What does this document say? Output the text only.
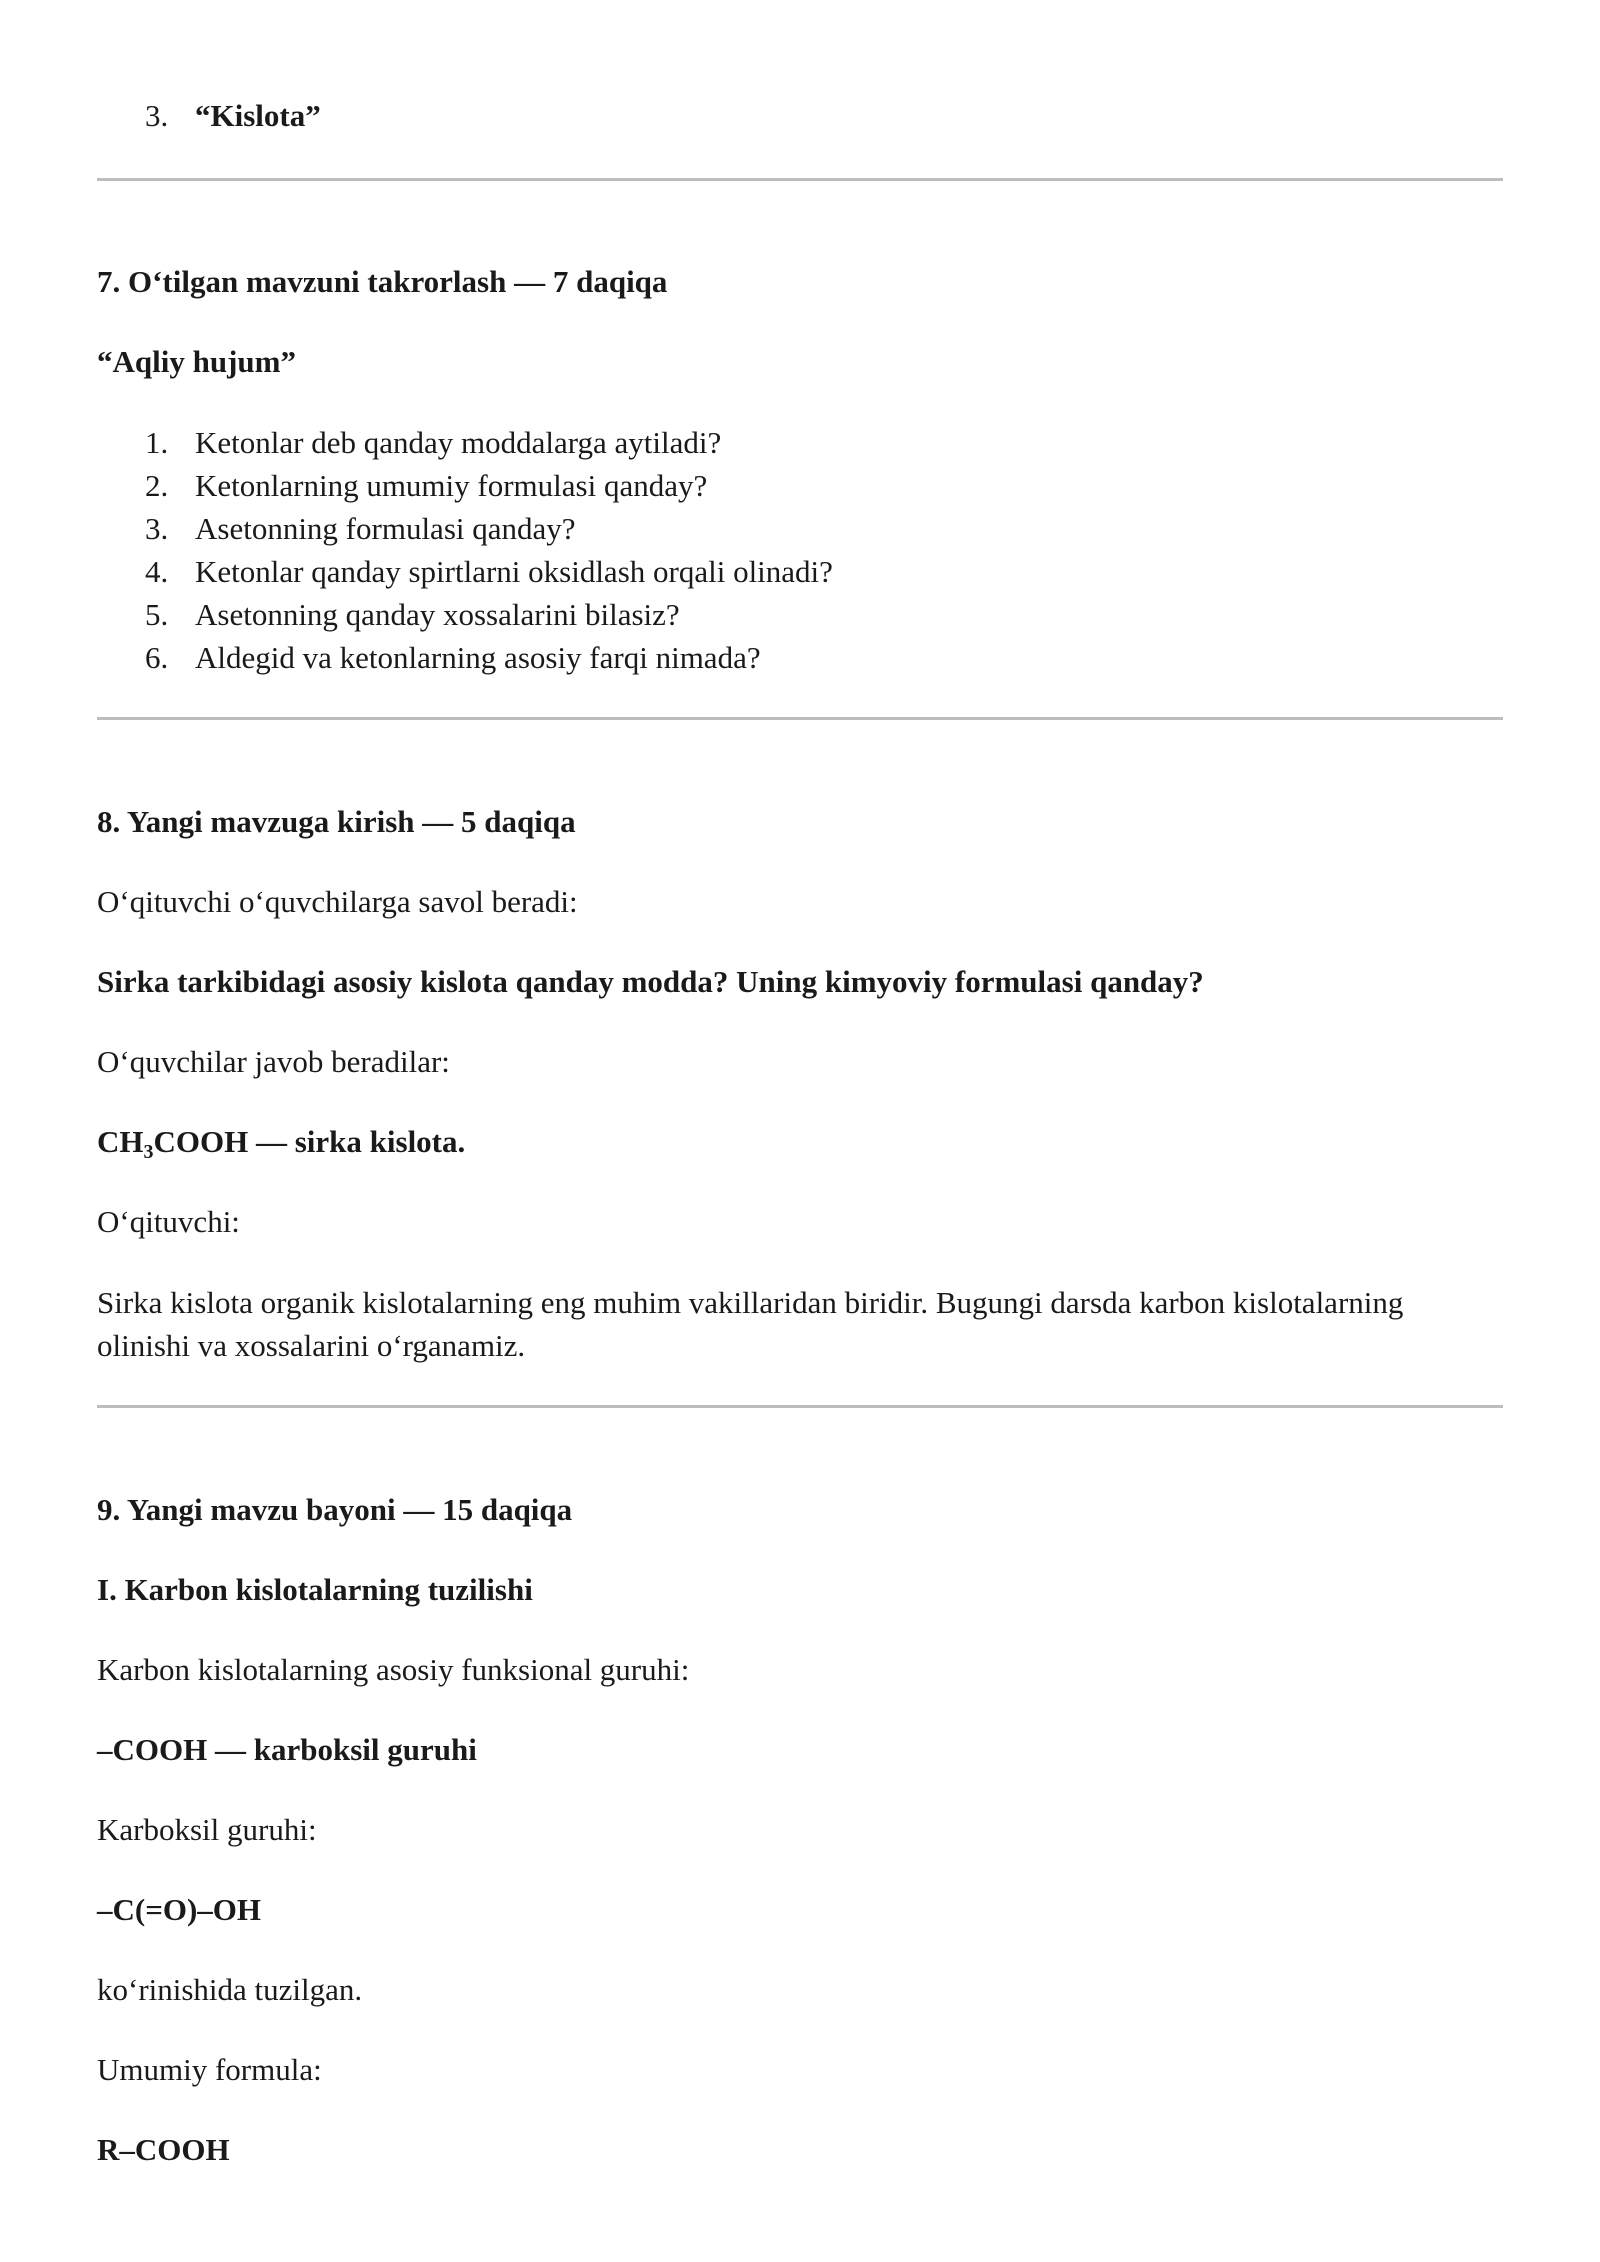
3. “Kislota”

7. O‘tilgan mavzuni takrorlash — 7 daqiqa

“Aqliy hujum”

1. Ketonlar deb qanday moddalarga aytiladi?
2. Ketonlarning umumiy formulasi qanday?
3. Asetonning formulasi qanday?
4. Ketonlar qanday spirtlarni oksidlash orqali olinadi?
5. Asetonning qanday xossalarini bilasiz?
6. Aldegid va ketonlarning asosiy farqi nimada?

8. Yangi mavzuga kirish — 5 daqiqa

O‘qituvchi o‘quvchilarga savol beradi:

Sirka tarkibidagi asosiy kislota qanday modda? Uning kimyoviy formulasi qanday?

O‘quvchilar javob beradilar:

$CH_3COOH$ — sirka kislota.

O‘qituvchi:

Sirka kislota organik kislotalarning eng muhim vakillaridan biridir. Bugungi darsda karbon kislotalarning olinishi va xossalarini o‘rganamiz.

9. Yangi mavzu bayoni — 15 daqiqa

I. Karbon kislotalarning tuzilishi

Karbon kislotalarning asosiy funksional guruhi:

–COOH — karboksil guruhi

Karboksil guruhi:

–C(=O)–OH

ko‘rinishida tuzilgan.

Umumiy formula:

R–COOH
